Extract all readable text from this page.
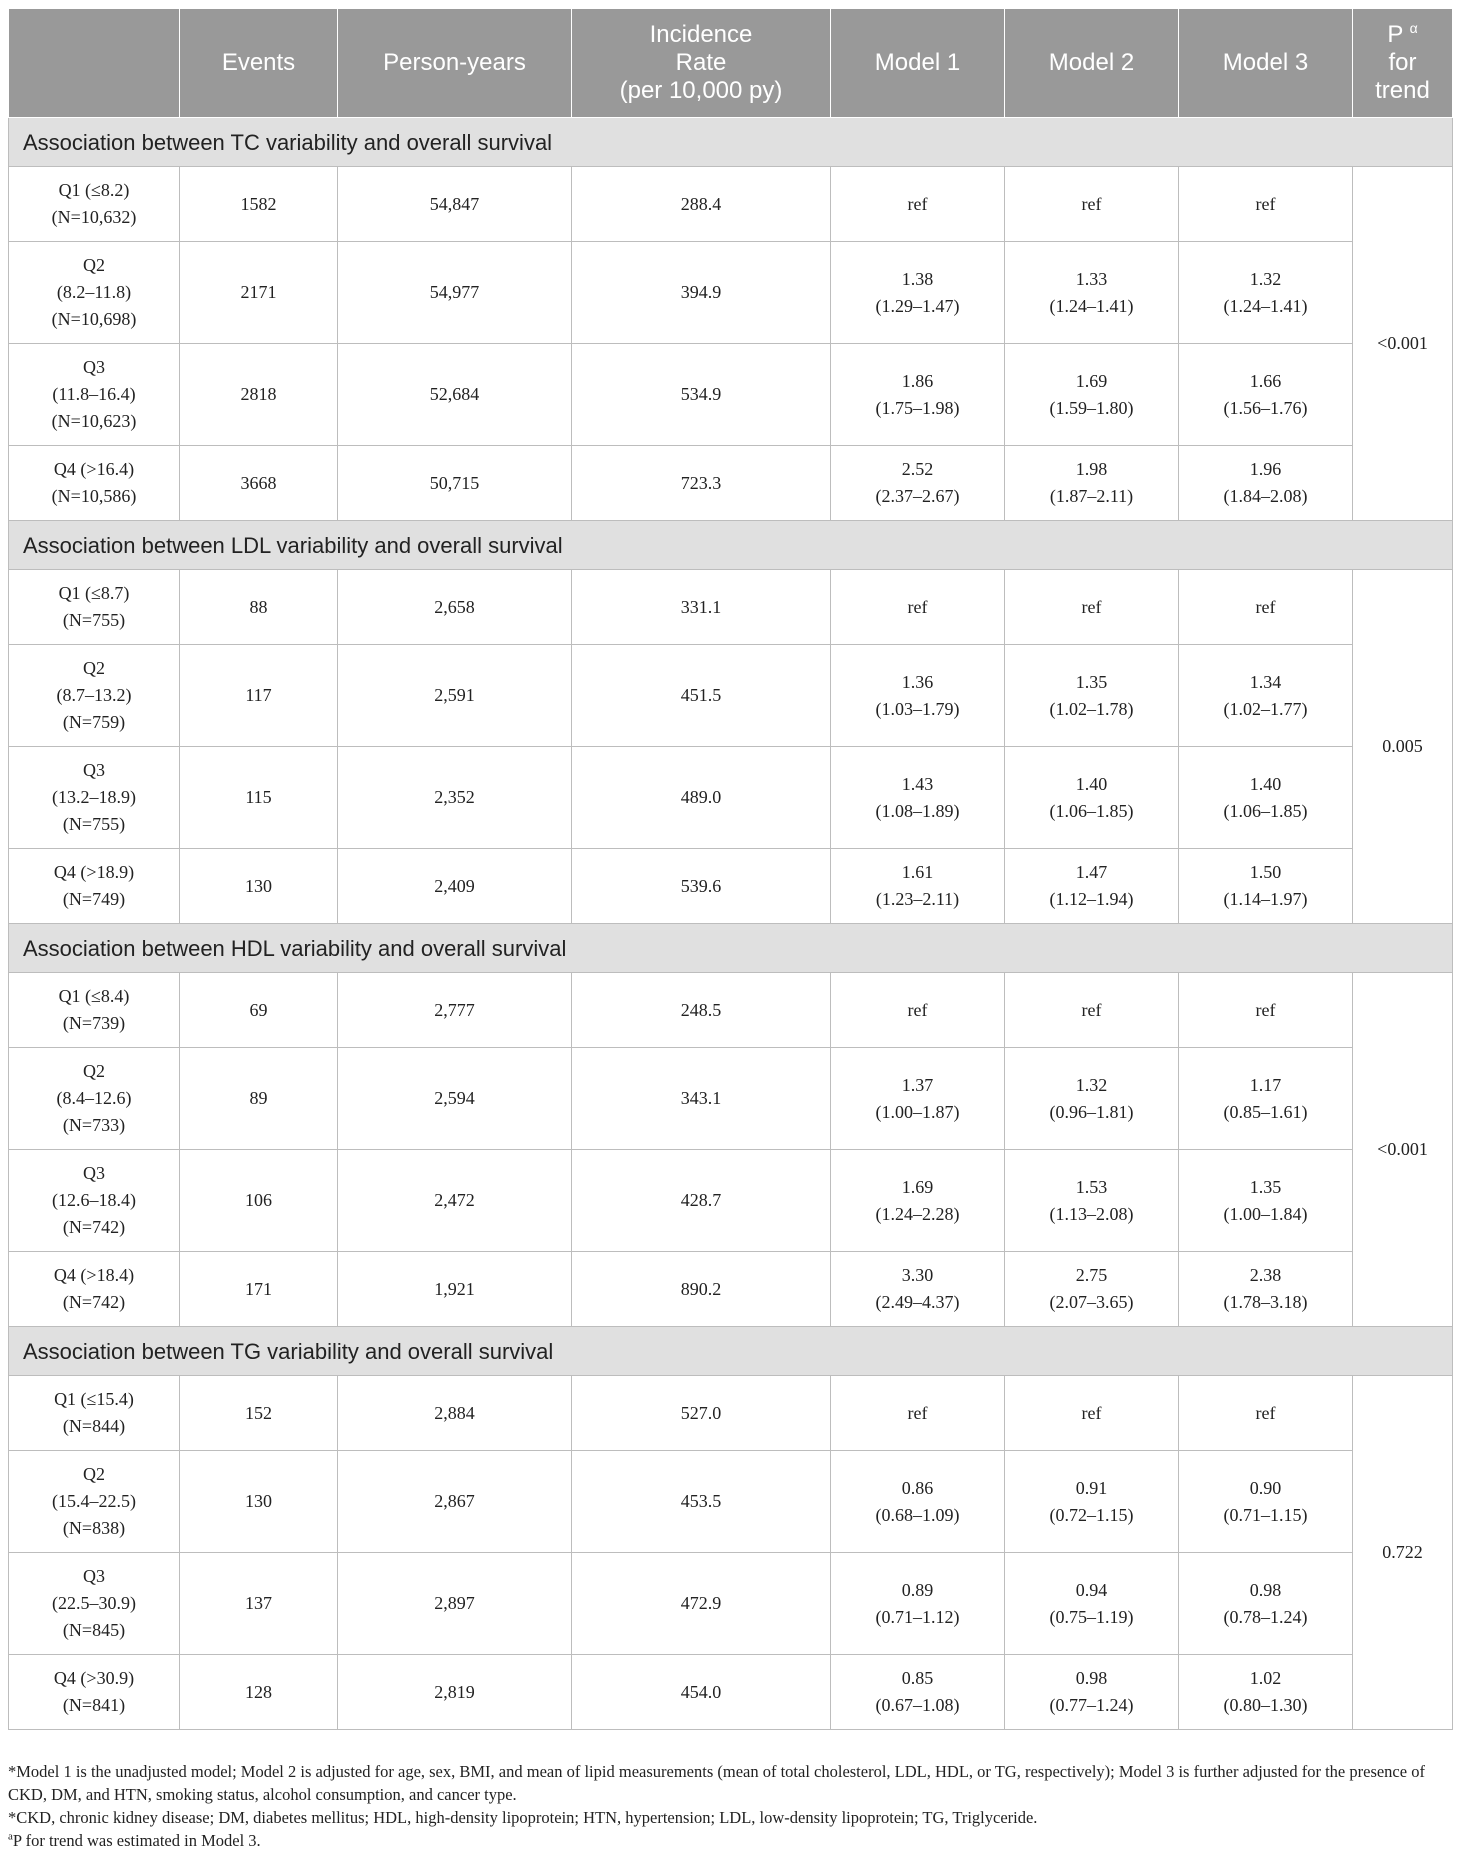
	Events	Person-years	Incidence
Rate
(per 10,000 py)	Model 1	Model 2	Model 3	P $^\alpha$
for
trend

Association between TC variability and overall survival							

Q1 (≤8.2)
(N=10,632)	1582	54,847	288.4	ref	ref	ref	<0.001

Q2
(8.2–11.8)
(N=10,698)	2171	54,977	394.9	1.38
(1.29–1.47)	1.33
(1.24–1.41)	1.32
(1.24–1.41)	

Q3
(11.8–16.4)
(N=10,623)	2818	52,684	534.9	1.86
(1.75–1.98)	1.69
(1.59–1.80)	1.66
(1.56–1.76)	

Q4 (>16.4)
(N=10,586)	3668	50,715	723.3	2.52
(2.37–2.67)	1.98
(1.87–2.11)	1.96
(1.84–2.08)	

Association between LDL variability and overall survival							

Q1 (≤8.7)
(N=755)	88	2,658	331.1	ref	ref	ref	0.005

Q2
(8.7–13.2)
(N=759)	117	2,591	451.5	1.36
(1.03–1.79)	1.35
(1.02–1.78)	1.34
(1.02–1.77)	

Q3
(13.2–18.9)
(N=755)	115	2,352	489.0	1.43
(1.08–1.89)	1.40
(1.06–1.85)	1.40
(1.06–1.85)	

Q4 (>18.9)
(N=749)	130	2,409	539.6	1.61
(1.23–2.11)	1.47
(1.12–1.94)	1.50
(1.14–1.97)	

Association between HDL variability and overall survival							

Q1 (≤8.4)
(N=739)	69	2,777	248.5	ref	ref	ref	<0.001

Q2
(8.4–12.6)
(N=733)	89	2,594	343.1	1.37
(1.00–1.87)	1.32
(0.96–1.81)	1.17
(0.85–1.61)	

Q3
(12.6–18.4)
(N=742)	106	2,472	428.7	1.69
(1.24–2.28)	1.53
(1.13–2.08)	1.35
(1.00–1.84)	

Q4 (>18.4)
(N=742)	171	1,921	890.2	3.30
(2.49–4.37)	2.75
(2.07–3.65)	2.38
(1.78–3.18)	

Association between TG variability and overall survival							

Q1 (≤15.4)
(N=844)	152	2,884	527.0	ref	ref	ref	0.722

Q2
(15.4–22.5)
(N=838)	130	2,867	453.5	0.86
(0.68–1.09)	0.91
(0.72–1.15)	0.90
(0.71–1.15)	

Q3
(22.5–30.9)
(N=845)	137	2,897	472.9	0.89
(0.71–1.12)	0.94
(0.75–1.19)	0.98
(0.78–1.24)	

Q4 (>30.9)
(N=841)	128	2,819	454.0	0.85
(0.67–1.08)	0.98
(0.77–1.24)	1.02
(0.80–1.30)	

*Model 1 is the unadjusted model; Model 2 is adjusted for age, sex, BMI, and mean of lipid measurements (mean of total cholesterol, LDL, HDL, or TG, respectively); Model 3 is further adjusted for the presence of CKD, DM, and HTN, smoking status, alcohol consumption, and cancer type.

*CKD, chronic kidney disease; DM, diabetes mellitus; HDL, high-density lipoprotein; HTN, hypertension; LDL, low-density lipoprotein; TG, Triglyceride.

$^a$P for trend was estimated in Model 3.
